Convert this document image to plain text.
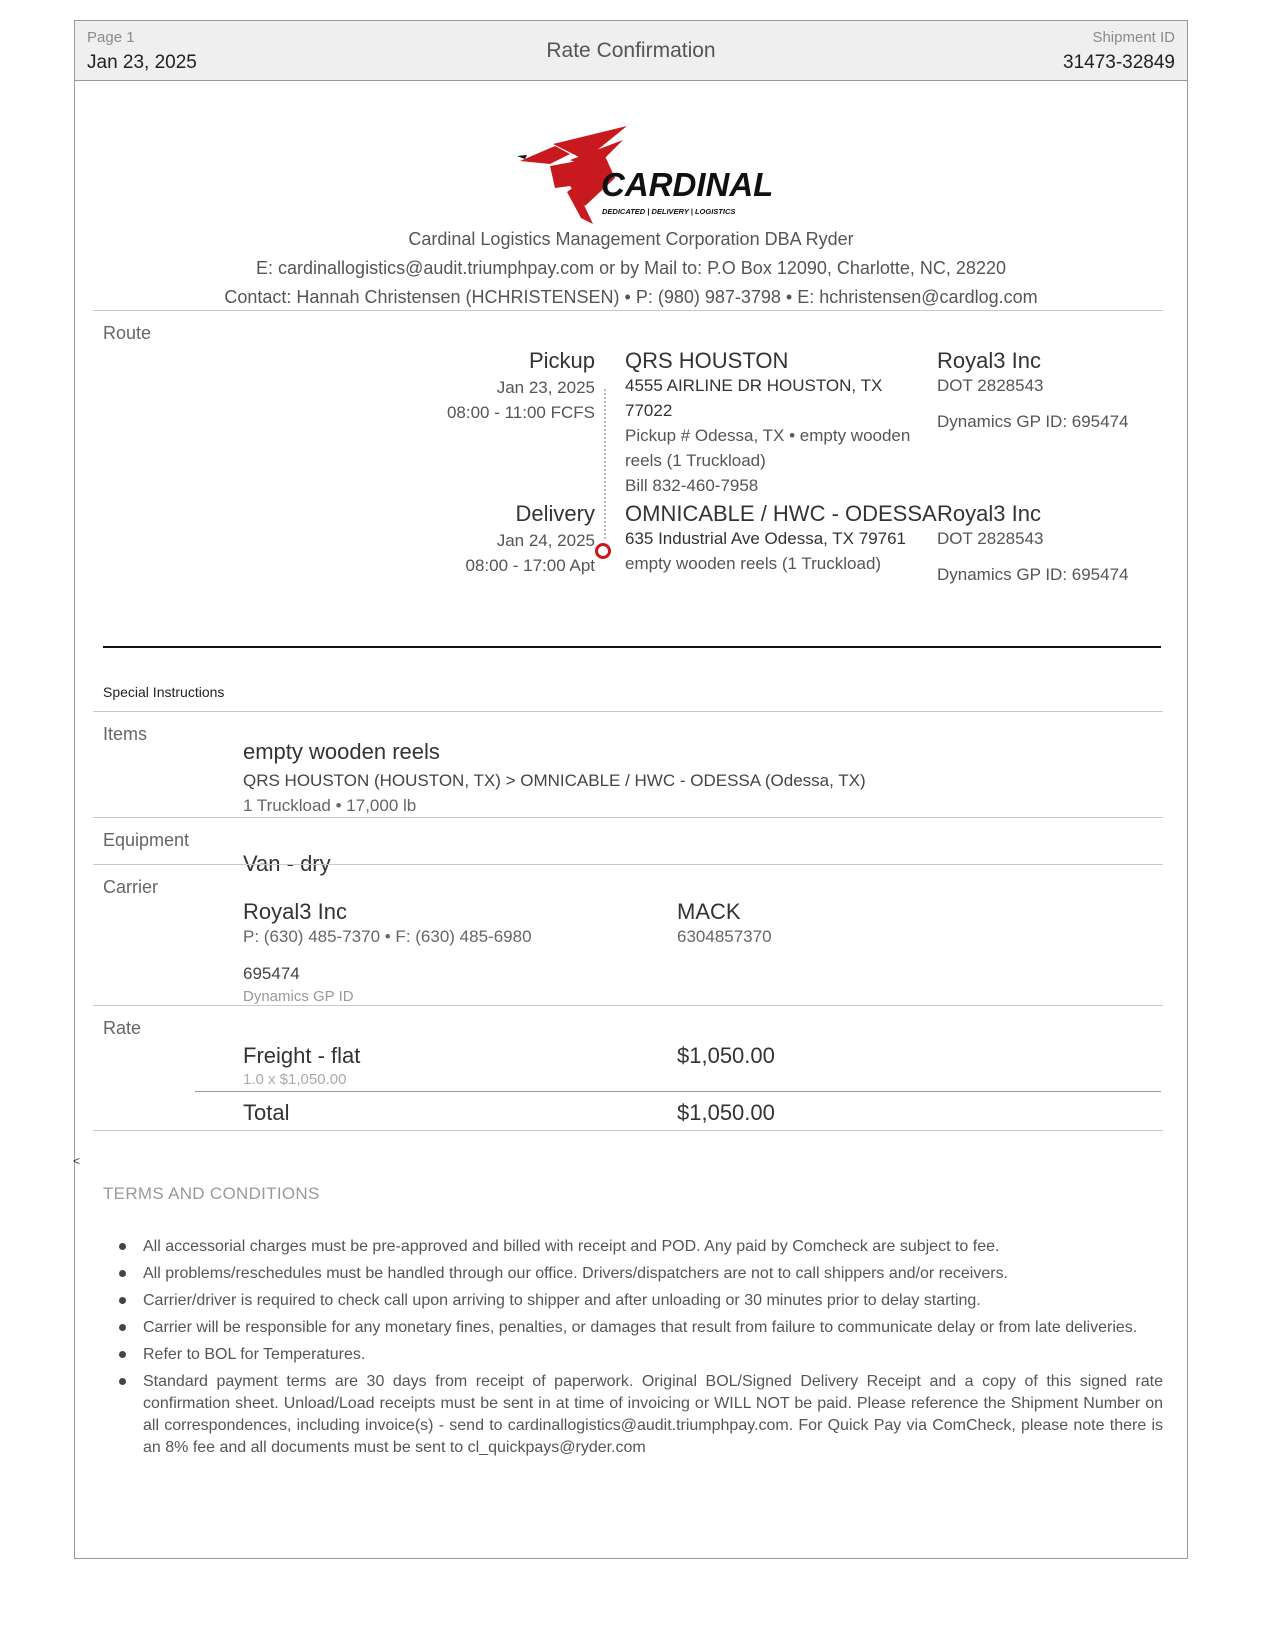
Page 1
Jan 23, 2025
Rate Confirmation
Shipment ID
31473-32849
CARDINAL
DEDICATED | DELIVERY | LOGISTICS
Cardinal Logistics Management Corporation DBA Ryder
E: cardinallogistics@audit.triumphpay.com or by Mail to: P.O Box 12090, Charlotte, NC, 28220
Contact: Hannah Christensen (HCHRISTENSEN) • P: (980) 987-3798 • E: hchristensen@cardlog.com
Route
Pickup
Jan 23, 2025
08:00 - 11:00 FCFS
QRS HOUSTON
4555 AIRLINE DR HOUSTON, TX
77022
Pickup # Odessa, TX • empty wooden
reels (1 Truckload)
Bill 832-460-7958
Royal3 Inc
DOT 2828543
Dynamics GP ID: 695474
Delivery
Jan 24, 2025
08:00 - 17:00 Apt
OMNICABLE / HWC - ODESSA
635 Industrial Ave Odessa, TX 79761
empty wooden reels (1 Truckload)
Royal3 Inc
DOT 2828543
Dynamics GP ID: 695474
Special Instructions
Items
empty wooden reels
QRS HOUSTON (HOUSTON, TX) > OMNICABLE / HWC - ODESSA (Odessa, TX)
1 Truckload • 17,000 lb
Equipment
Van - dry
Carrier
Royal3 Inc
P: (630) 485-7370 • F: (630) 485-6980
695474
Dynamics GP ID
MACK
6304857370
Rate
Freight - flat
1.0 x $1,050.00
$1,050.00
Total	$1,050.00
<
TERMS AND CONDITIONS
All accessorial charges must be pre-approved and billed with receipt and POD. Any paid by Comcheck are subject to fee.
All problems/reschedules must be handled through our office. Drivers/dispatchers are not to call shippers and/or receivers.
Carrier/driver is required to check call upon arriving to shipper and after unloading or 30 minutes prior to delay starting.
Carrier will be responsible for any monetary fines, penalties, or damages that result from failure to communicate delay or from late deliveries.
Refer to BOL for Temperatures.
Standard payment terms are 30 days from receipt of paperwork. Original BOL/Signed Delivery Receipt and a copy of this signed rate confirmation sheet. Unload/Load receipts must be sent in at time of invoicing or WILL NOT be paid. Please reference the Shipment Number on all correspondences, including invoice(s) - send to cardinallogistics@audit.triumphpay.com. For Quick Pay via ComCheck, please note there is an 8% fee and all documents must be sent to cl_quickpays@ryder.com
